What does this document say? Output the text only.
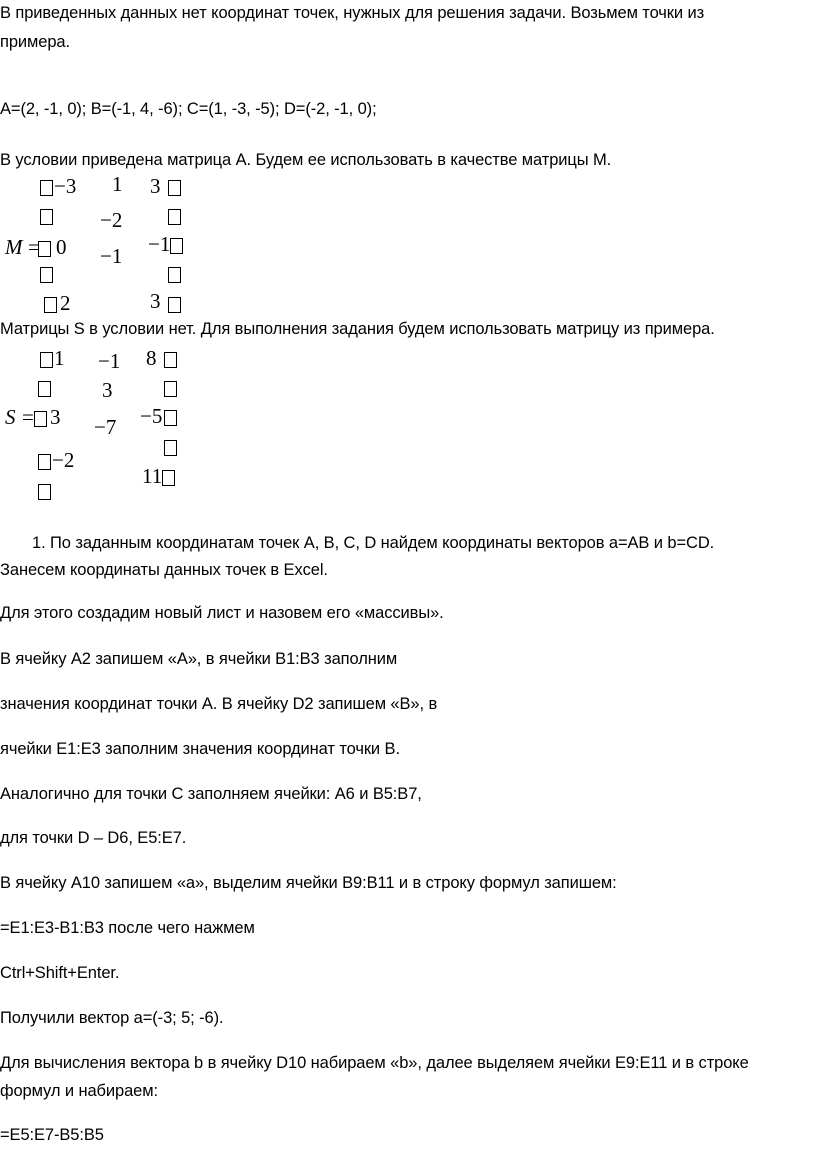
В приведенных данных нет координат точек, нужных для решения задачи. Возьмем точки из
примера.
A=(2, -1, 0); B=(-1, 4, -6); C=(1, -3, -5); D=(-2, -1, 0);
В условии приведена матрица A. Будем ее использовать в качестве матрицы M.
M =
−3 1 3
−2
0	−1
−1
2	3
Матрицы S в условии нет. Для выполнения задания будем использовать матрицу из примера.
S =
1 −1 8
3
3 −7 −5
−2
11
1. По заданным координатам точек A, B, C, D найдем координаты векторов a=AB и b=CD.
Занесем координаты данных точек в Excel.
Для этого создадим новый лист и назовем его «массивы».
В ячейку A2 запишем «А», в ячейки B1:B3 заполним
значения координат точки A. В ячейку D2 запишем «В», в
ячейки E1:E3 заполним значения координат точки B.
Аналогично для точки C заполняем ячейки: A6 и B5:B7,
для точки D – D6, E5:E7.
В ячейку A10 запишем «а», выделим ячейки B9:B11 и в строку формул запишем:
=E1:E3-B1:B3 после чего нажмем
Ctrl+Shift+Enter.
Получили вектор а=(-3; 5; -6).
Для вычисления вектора b в ячейку D10 набираем «b», далее выделяем ячейки E9:E11 и в строке
формул и набираем:
=E5:E7-B5:B5
